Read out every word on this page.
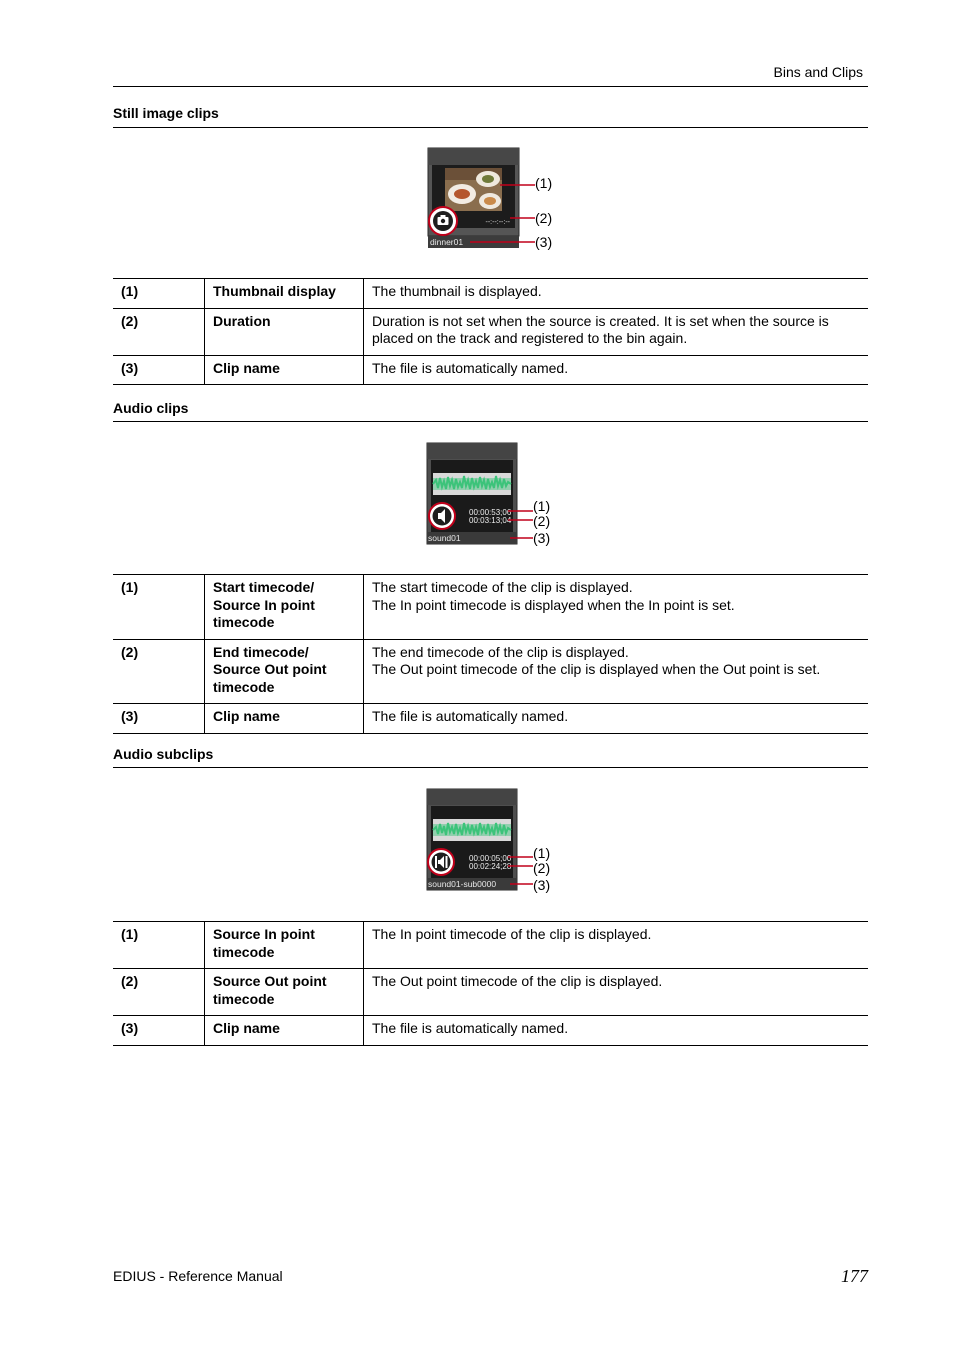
Bins and Clips
Still image clips
--:--:--:--
dinner01
(1)
(2)
(3)
(1)	Thumbnail display	The thumbnail is displayed.
(2)	Duration	Duration is not set when the source is created. It is set when the source is placed on the track and registered to the bin again.
(3)	Clip name	The file is automatically named.
Audio clips
00:00:53;06
00:03:13;04
sound01
(1)
(2)
(3)
(1)	Start timecode/
Source In point timecode	The start timecode of the clip is displayed.
The In point timecode is displayed when the In point is set.
(2)	End timecode/
Source Out point timecode	The end timecode of the clip is displayed.
The Out point timecode of the clip is displayed when the Out point is set.
(3)	Clip name	The file is automatically named.
Audio subclips
00:00:05;00
00:02:24;28
sound01-sub0000
(1)
(2)
(3)
(1)	Source In point timecode	The In point timecode of the clip is displayed.
(2)	Source Out point timecode	The Out point timecode of the clip is displayed.
(3)	Clip name	The file is automatically named.
EDIUS - Reference Manual	177
